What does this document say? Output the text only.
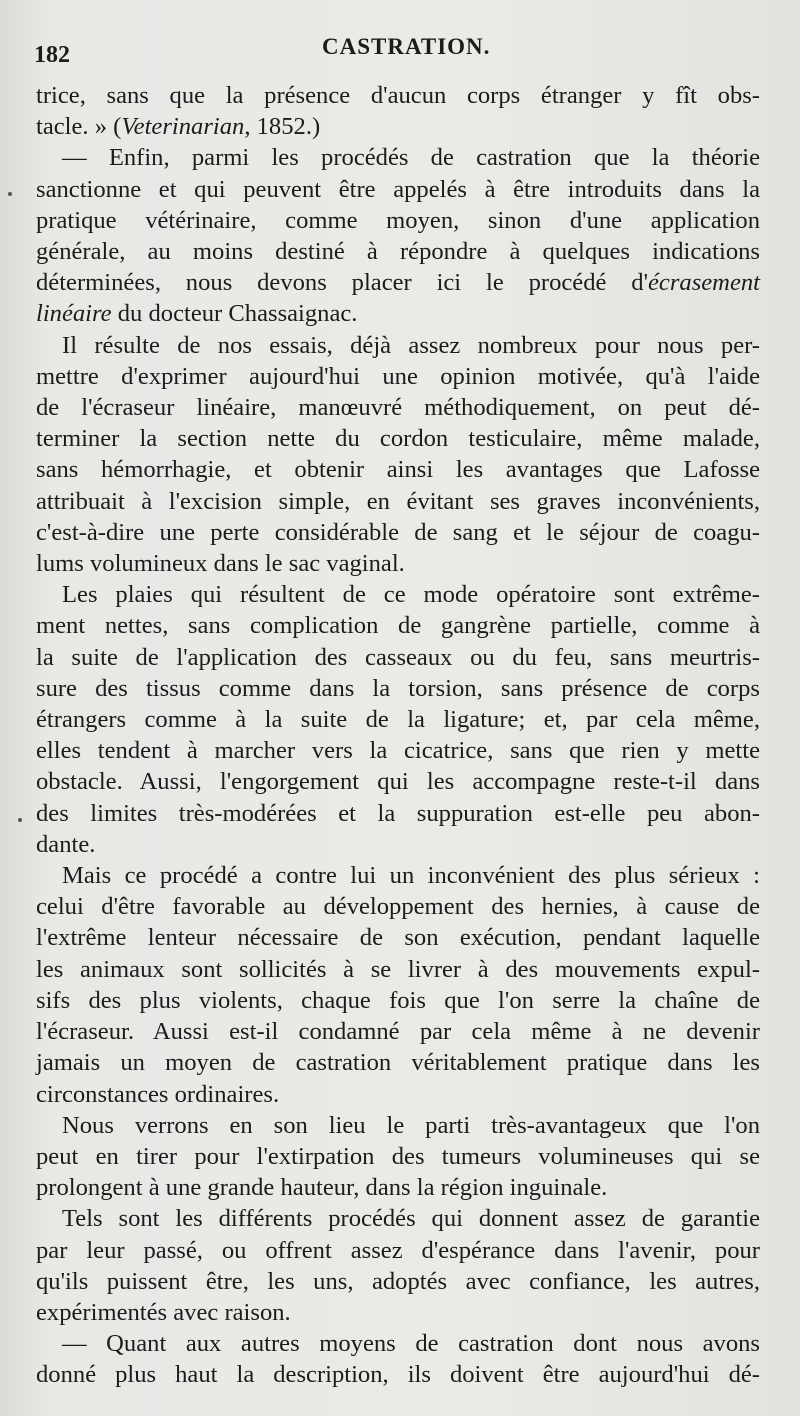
182	CASTRATION.
trice, sans que la présence d'aucun corps étranger y fît obs-
tacle. » (Veterinarian, 1852.)
— Enfin, parmi les procédés de castration que la théorie
sanctionne et qui peuvent être appelés à être introduits dans la
pratique vétérinaire, comme moyen, sinon d'une application
générale, au moins destiné à répondre à quelques indications
déterminées, nous devons placer ici le procédé d'écrasement
linéaire du docteur Chassaignac.
Il résulte de nos essais, déjà assez nombreux pour nous per-
mettre d'exprimer aujourd'hui une opinion motivée, qu'à l'aide
de l'écraseur linéaire, manœuvré méthodiquement, on peut dé-
terminer la section nette du cordon testiculaire, même malade,
sans hémorrhagie, et obtenir ainsi les avantages que Lafosse
attribuait à l'excision simple, en évitant ses graves inconvénients,
c'est-à-dire une perte considérable de sang et le séjour de coagu-
lums volumineux dans le sac vaginal.
Les plaies qui résultent de ce mode opératoire sont extrême-
ment nettes, sans complication de gangrène partielle, comme à
la suite de l'application des casseaux ou du feu, sans meurtris-
sure des tissus comme dans la torsion, sans présence de corps
étrangers comme à la suite de la ligature; et, par cela même,
elles tendent à marcher vers la cicatrice, sans que rien y mette
obstacle. Aussi, l'engorgement qui les accompagne reste-t-il dans
des limites très-modérées et la suppuration est-elle peu abon-
dante.
Mais ce procédé a contre lui un inconvénient des plus sérieux :
celui d'être favorable au développement des hernies, à cause de
l'extrême lenteur nécessaire de son exécution, pendant laquelle
les animaux sont sollicités à se livrer à des mouvements expul-
sifs des plus violents, chaque fois que l'on serre la chaîne de
l'écraseur. Aussi est-il condamné par cela même à ne devenir
jamais un moyen de castration véritablement pratique dans les
circonstances ordinaires.
Nous verrons en son lieu le parti très-avantageux que l'on
peut en tirer pour l'extirpation des tumeurs volumineuses qui se
prolongent à une grande hauteur, dans la région inguinale.
Tels sont les différents procédés qui donnent assez de garantie
par leur passé, ou offrent assez d'espérance dans l'avenir, pour
qu'ils puissent être, les uns, adoptés avec confiance, les autres,
expérimentés avec raison.
— Quant aux autres moyens de castration dont nous avons
donné plus haut la description, ils doivent être aujourd'hui dé-
